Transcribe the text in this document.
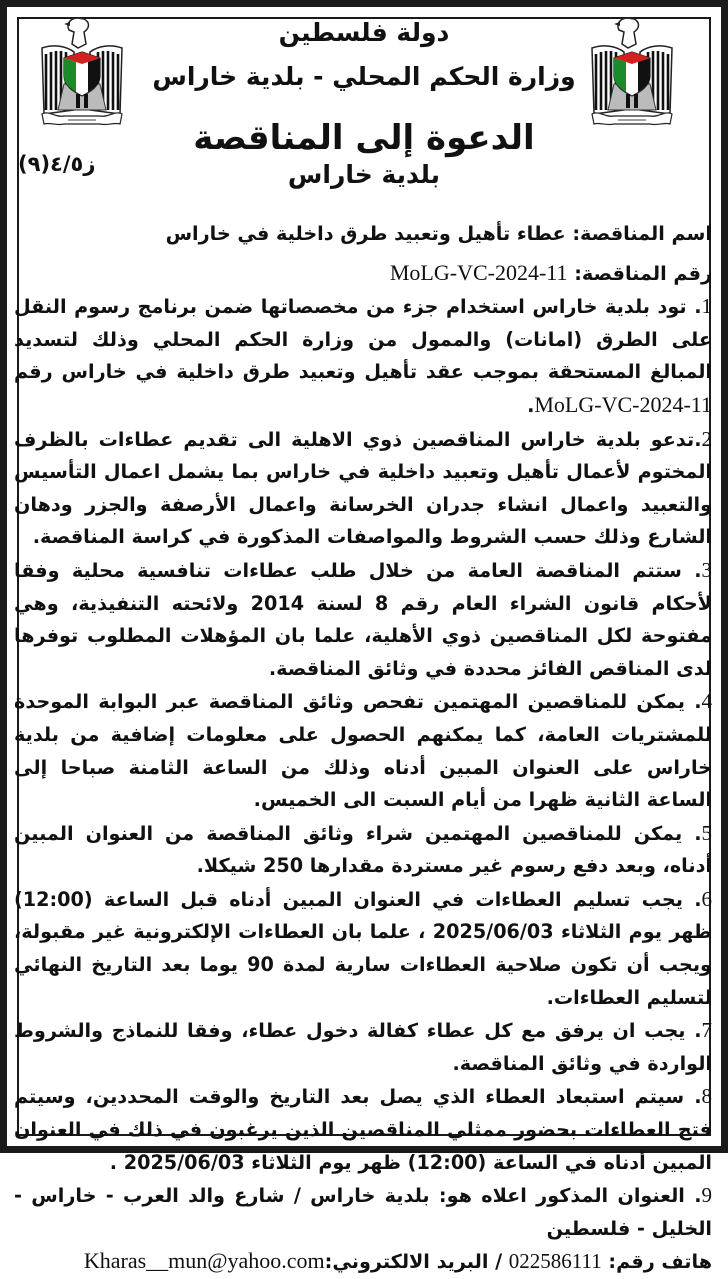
دولة فلسطين
وزارة الحكم المحلي - بلدية خاراس
الدعوة إلى المناقصة
بلدية خاراس
ز٤/٥(٩)

اسم المناقصة: عطاء تأهيل وتعبيد طرق داخلية في خاراس

رقم المناقصة: MoLG-VC-2024-11

1. تود بلدية خاراس استخدام جزء من مخصصاتها ضمن برنامج رسوم النقل على الطرق (امانات) والممول من وزارة الحكم المحلي وذلك لتسديد المبالغ المستحقة بموجب عقد تأهيل وتعبيد طرق داخلية في خاراس رقم MoLG-VC-2024-11.

2.تدعو بلدية خاراس المناقصين ذوي الاهلية الى تقديم عطاءات بالظرف المختوم لأعمال تأهيل وتعبيد داخلية في خاراس بما يشمل اعمال التأسيس والتعبيد واعمال انشاء جدران الخرسانة واعمال الأرصفة والجزر ودهان الشارع وذلك حسب الشروط والمواصفات المذكورة في كراسة المناقصة.

3. ستتم المناقصة العامة من خلال طلب عطاءات تنافسية محلية وفقا لأحكام قانون الشراء العام رقم 8 لسنة 2014 ولائحته التنفيذية، وهي مفتوحة لكل المناقصين ذوي الأهلية، علما بان المؤهلات المطلوب توفرها لدى المناقص الفائز محددة في وثائق المناقصة.

4. يمكن للمناقصين المهتمين تفحص وثائق المناقصة عبر البوابة الموحدة للمشتريات العامة، كما يمكنهم الحصول على معلومات إضافية من بلدية خاراس على العنوان المبين أدناه وذلك من الساعة الثامنة صباحا إلى الساعة الثانية ظهرا من أيام السبت الى الخميس.

5. يمكن للمناقصين المهتمين شراء وثائق المناقصة من العنوان المبين أدناه، وبعد دفع رسوم غير مستردة مقدارها 250 شيكلا.

6. يجب تسليم العطاءات في العنوان المبين أدناه قبل الساعة (12:00) ظهر يوم الثلاثاء 2025/06/03 ، علما بان العطاءات الإلكترونية غير مقبولة، ويجب أن تكون صلاحية العطاءات سارية لمدة 90 يوما بعد التاريخ النهائي لتسليم العطاءات.

7. يجب ان يرفق مع كل عطاء كفالة دخول عطاء، وفقا للنماذج والشروط الواردة في وثائق المناقصة.

8. سيتم استبعاد العطاء الذي يصل بعد التاريخ والوقت المحددين، وسيتم فتح العطاءات بحضور ممثلي المناقصين الذين يرغبون في ذلك في العنوان المبين أدناه في الساعة (12:00) ظهر يوم الثلاثاء 2025/06/03 .

9. العنوان المذكور اعلاه هو: بلدية خاراس / شارع والد العرب - خاراس - الخليل - فلسطين

هاتف رقم: 022586111 / البريد الالكتروني:Kharas__mun@yahoo.com
